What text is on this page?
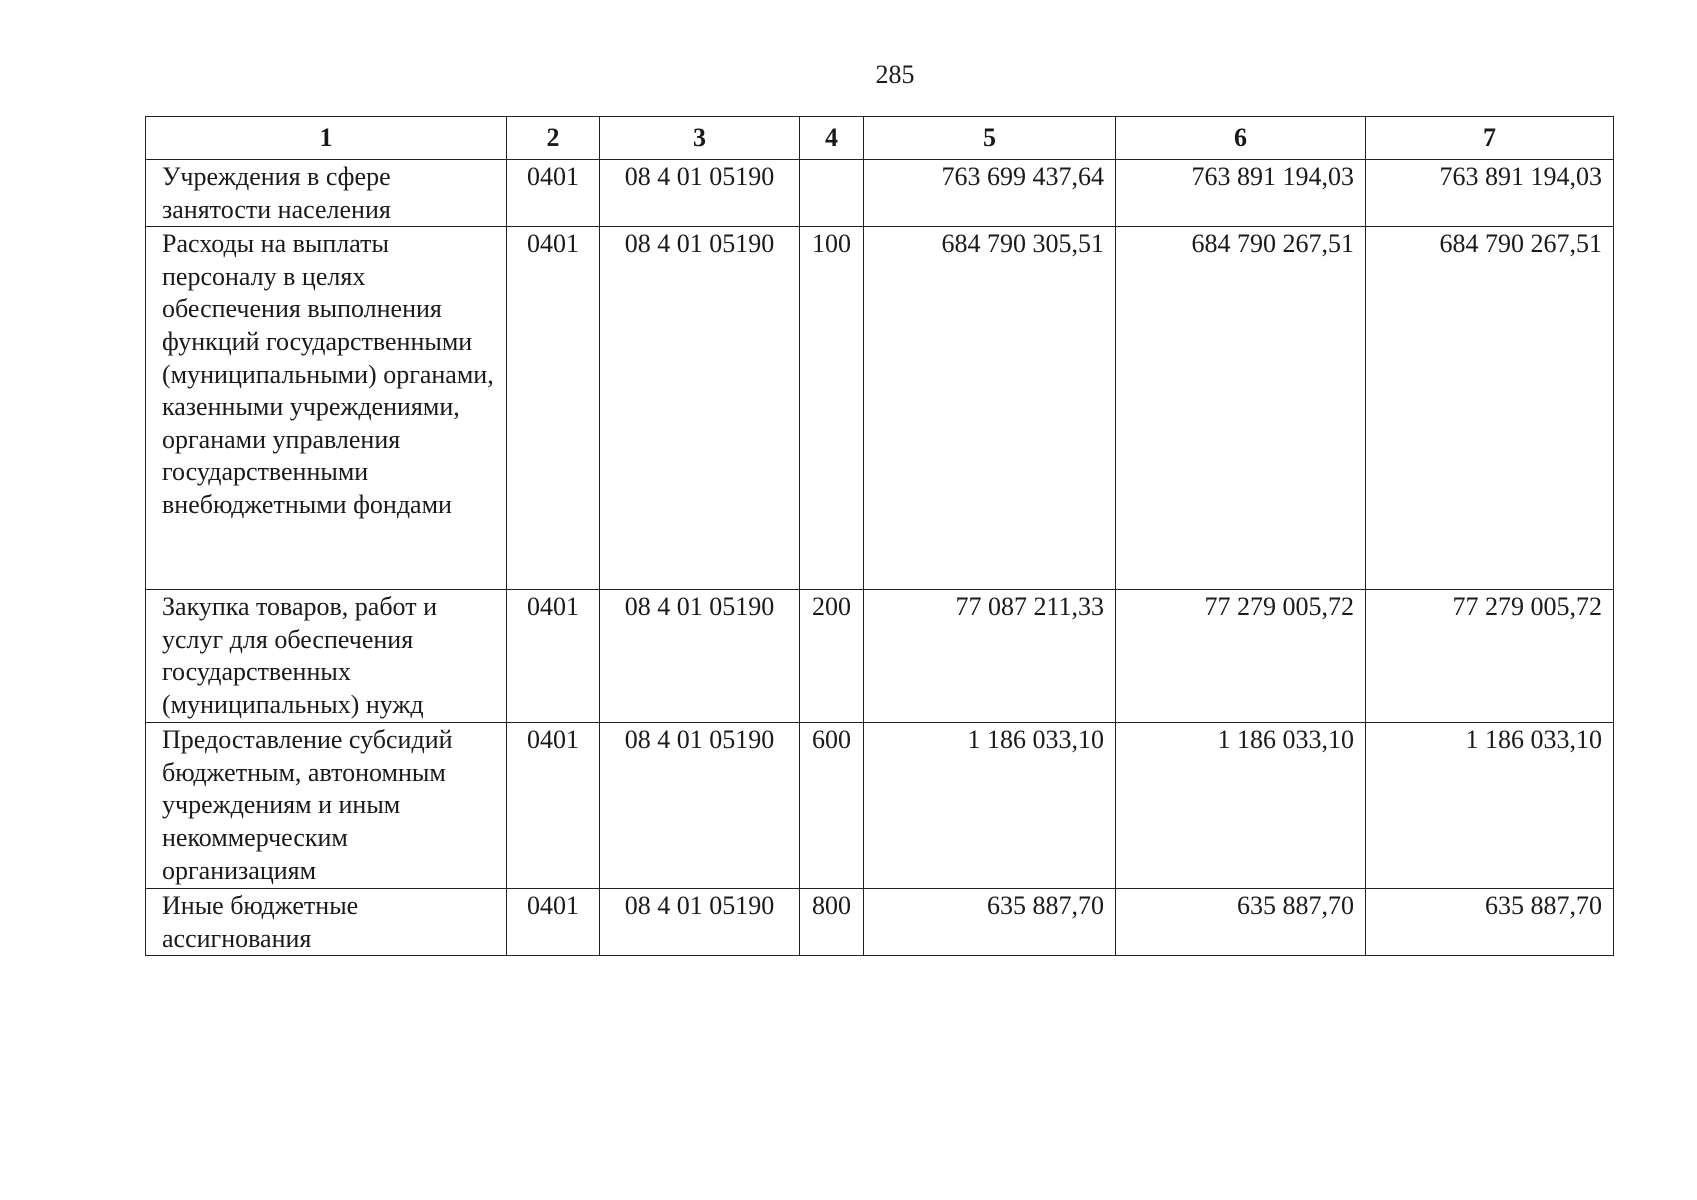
285
1	2	3	4	5	6	7

Учреждения в сфере занятости населения	0401	08 4 01 05190		763 699 437,64	763 891 194,03	763 891 194,03

Расходы на выплаты персоналу в целях обеспечения выполнения функций государственными (муниципальными) органами, казенными учреждениями, органами управления государственными внебюджетными фондами	0401	08 4 01 05190	100	684 790 305,51	684 790 267,51	684 790 267,51

Закупка товаров, работ и услуг для обеспечения государственных (муниципальных) нужд	0401	08 4 01 05190	200	77 087 211,33	77 279 005,72	77 279 005,72

Предоставление субсидий бюджетным, автономным учреждениям и иным некоммерческим организациям	0401	08 4 01 05190	600	1 186 033,10	1 186 033,10	1 186 033,10

Иные бюджетные ассигнования	0401	08 4 01 05190	800	635 887,70	635 887,70	635 887,70
